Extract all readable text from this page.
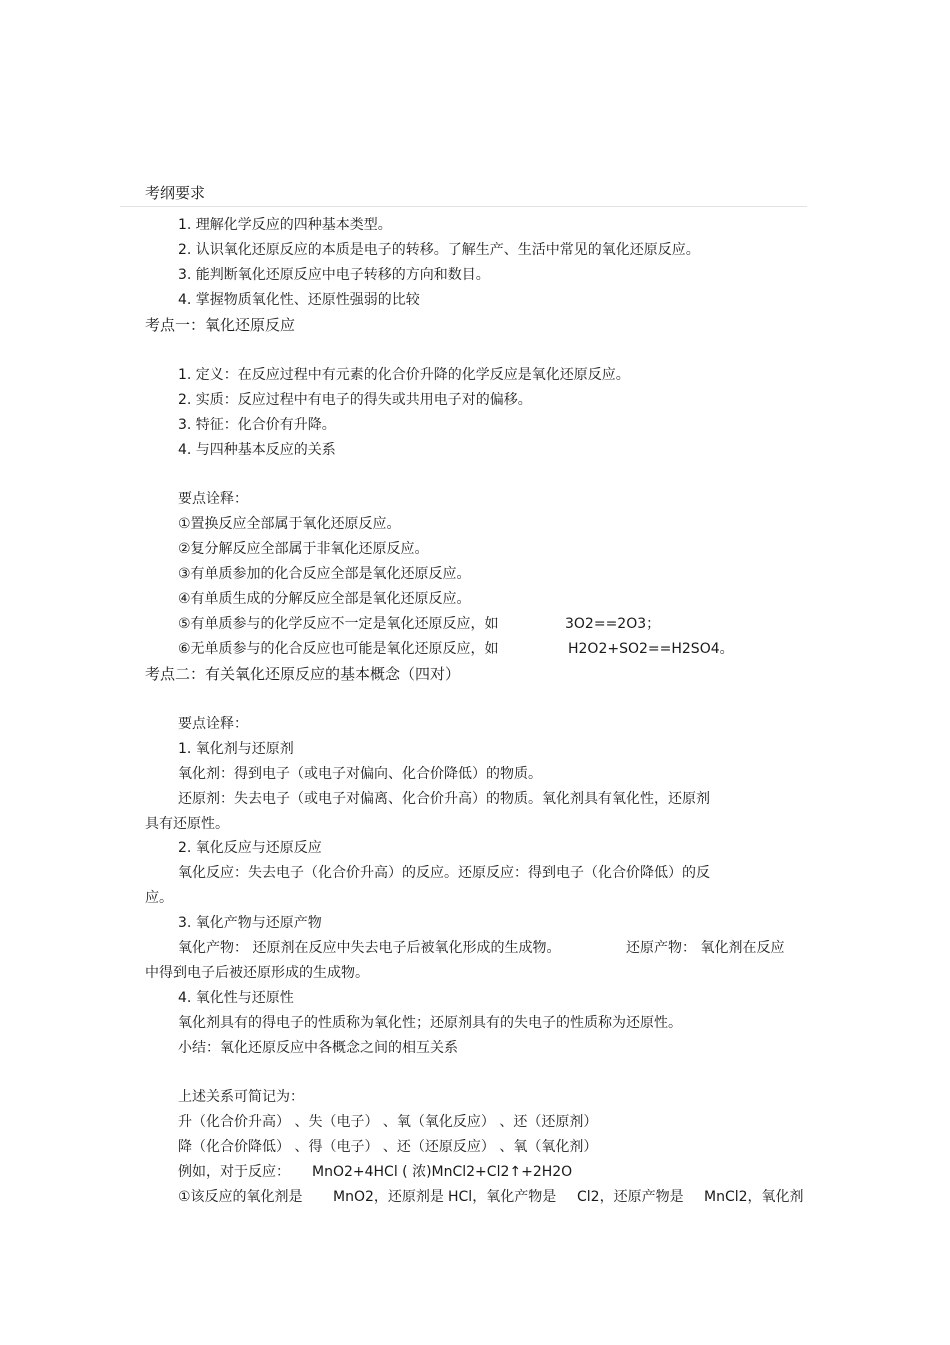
考纲要求
1. 理解化学反应的四种基本类型。
2. 认识氧化还原反应的本质是电子的转移。了解生产、生活中常见的氧化还原反应。
3. 能判断氧化还原反应中电子转移的方向和数目。
4. 掌握物质氧化性、还原性强弱的比较
考点一：氧化还原反应
1. 定义：在反应过程中有元素的化合价升降的化学反应是氧化还原反应。
2. 实质：反应过程中有电子的得失或共用电子对的偏移。
3. 特征：化合价有升降。
4. 与四种基本反应的关系
要点诠释：
①置换反应全部属于氧化还原反应。
②复分解反应全部属于非氧化还原反应。
③有单质参加的化合反应全部是氧化还原反应。
④有单质生成的分解反应全部是氧化还原反应。
⑤有单质参与的化学反应不一定是氧化还原反应，如	3O2==2O3；
⑥无单质参与的化合反应也可能是氧化还原反应，如	H2O2+SO2==H2SO4。
考点二：有关氧化还原反应的基本概念（四对）
要点诠释：
1. 氧化剂与还原剂
氧化剂：得到电子（或电子对偏向、化合价降低）的物质。
还原剂：失去电子（或电子对偏离、化合价升高）的物质。氧化剂具有氧化性，还原剂
具有还原性。
2. 氧化反应与还原反应
氧化反应：失去电子（化合价升高）的反应。还原反应：得到电子（化合价降低）的反
应。
3. 氧化产物与还原产物
氧化产物： 还原剂在反应中失去电子后被氧化形成的生成物。	还原产物： 氧化剂在反应
中得到电子后被还原形成的生成物。
4. 氧化性与还原性
氧化剂具有的得电子的性质称为氧化性；还原剂具有的失电子的性质称为还原性。
小结：氧化还原反应中各概念之间的相互关系
上述关系可简记为：
升（化合价升高） 、失（电子） 、氧（氧化反应） 、还（还原剂）
降（化合价降低） 、得（电子） 、还（还原反应） 、氧（氧化剂）
例如，对于反应： MnO2+4HCl ( 浓)MnCl2+Cl2↑+2H2O
①该反应的氧化剂是 MnO2，还原剂是 HCl，氧化产物是 Cl2，还原产物是 MnCl2，氧化剂
